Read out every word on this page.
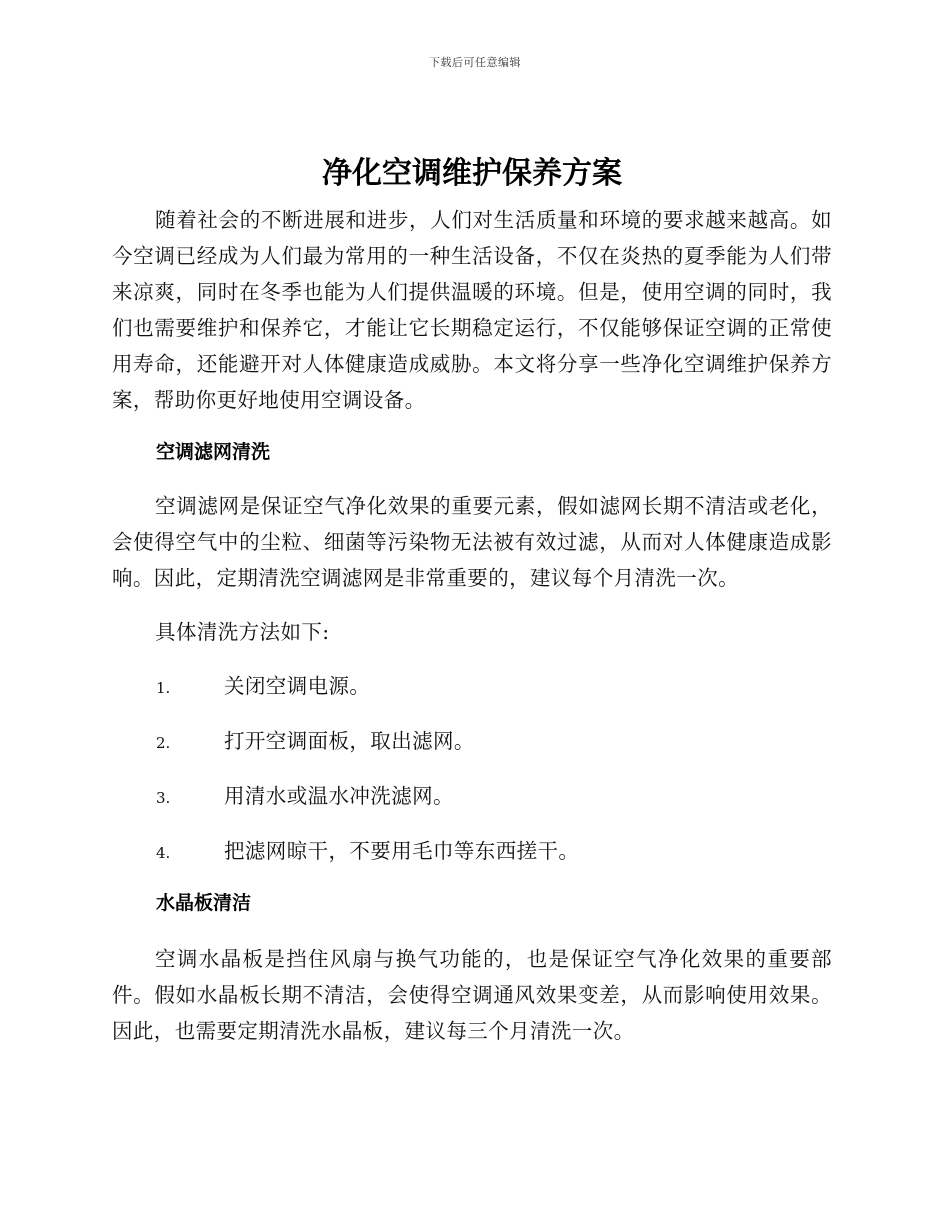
下载后可任意编辑
净化空调维护保养方案

随着社会的不断进展和进步，人们对生活质量和环境的要求越来越高。如今空调已经成为人们最为常用的一种生活设备，不仅在炎热的夏季能为人们带来凉爽，同时在冬季也能为人们提供温暖的环境。但是，使用空调的同时，我们也需要维护和保养它，才能让它长期稳定运行，不仅能够保证空调的正常使用寿命，还能避开对人体健康造成威胁。本文将分享一些净化空调维护保养方案，帮助你更好地使用空调设备。

空调滤网清洗

空调滤网是保证空气净化效果的重要元素，假如滤网长期不清洁或老化，会使得空气中的尘粒、细菌等污染物无法被有效过滤，从而对人体健康造成影响。因此，定期清洗空调滤网是非常重要的，建议每个月清洗一次。

具体清洗方法如下:

1.	关闭空调电源。
2.	打开空调面板，取出滤网。
3.	用清水或温水冲洗滤网。
4.	把滤网晾干，不要用毛巾等东西搓干。
水晶板清洁

空调水晶板是挡住风扇与换气功能的，也是保证空气净化效果的重要部件。假如水晶板长期不清洁，会使得空调通风效果变差，从而影响使用效果。因此，也需要定期清洗水晶板，建议每三个月清洗一次。
